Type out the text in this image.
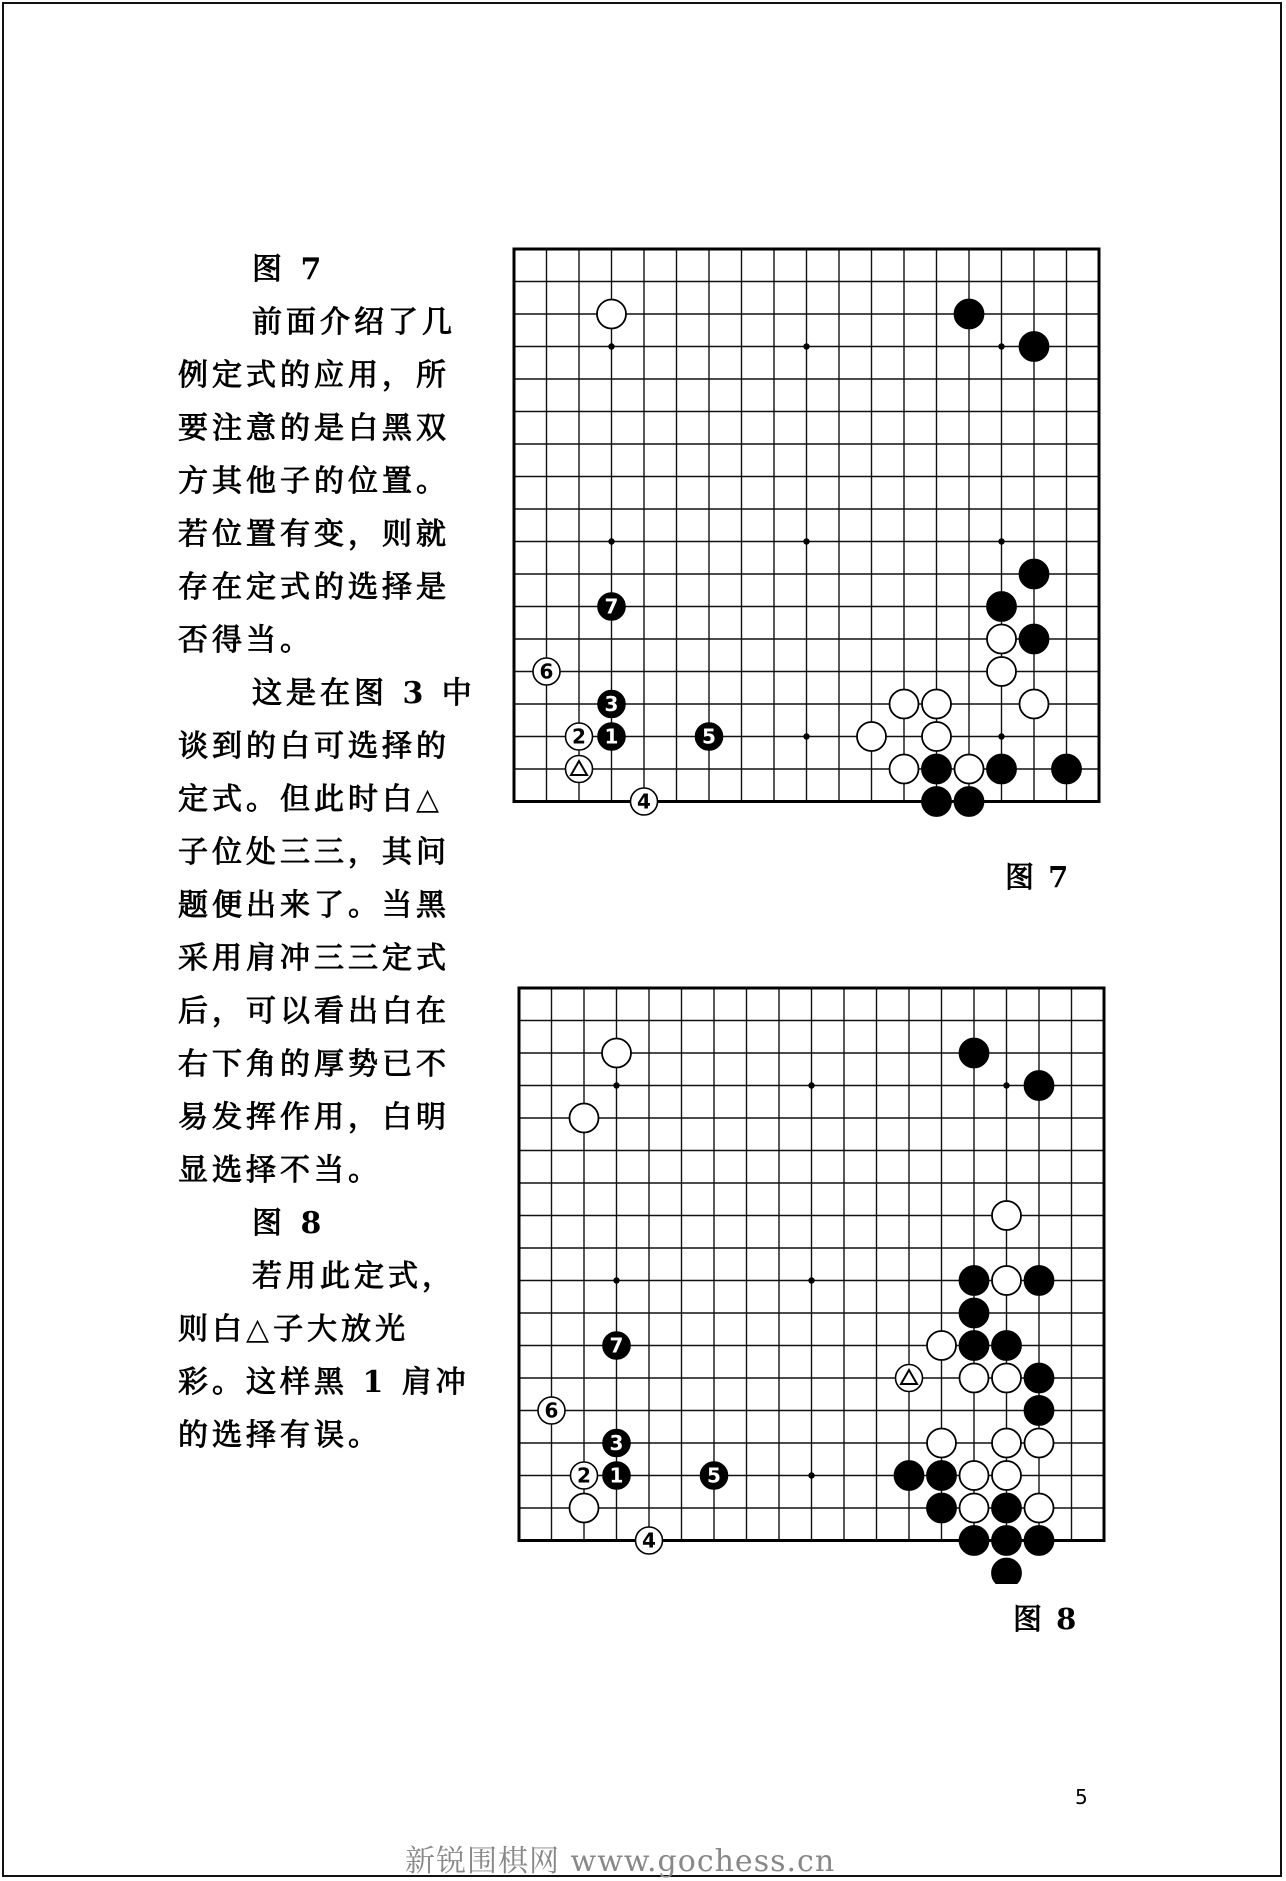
图 7
前面介绍了几
例定式的应用，所
要注意的是白黑双
方其他子的位置。
若位置有变，则就
存在定式的选择是
否得当。
这是在图 3 中
谈到的白可选择的
定式。但此时白△
子位处三三，其问
题便出来了。当黑
采用肩冲三三定式
后，可以看出白在
右下角的厚势已不
易发挥作用，白明
显选择不当。
图 8
若用此定式，
则白△子大放光
彩。这样黑 1 肩冲
的选择有误。
7
6
3
2 1	5
4
图 7
7
6
3
2 1	5
4
图 8
5
新锐围棋网 www.gochess.cn
